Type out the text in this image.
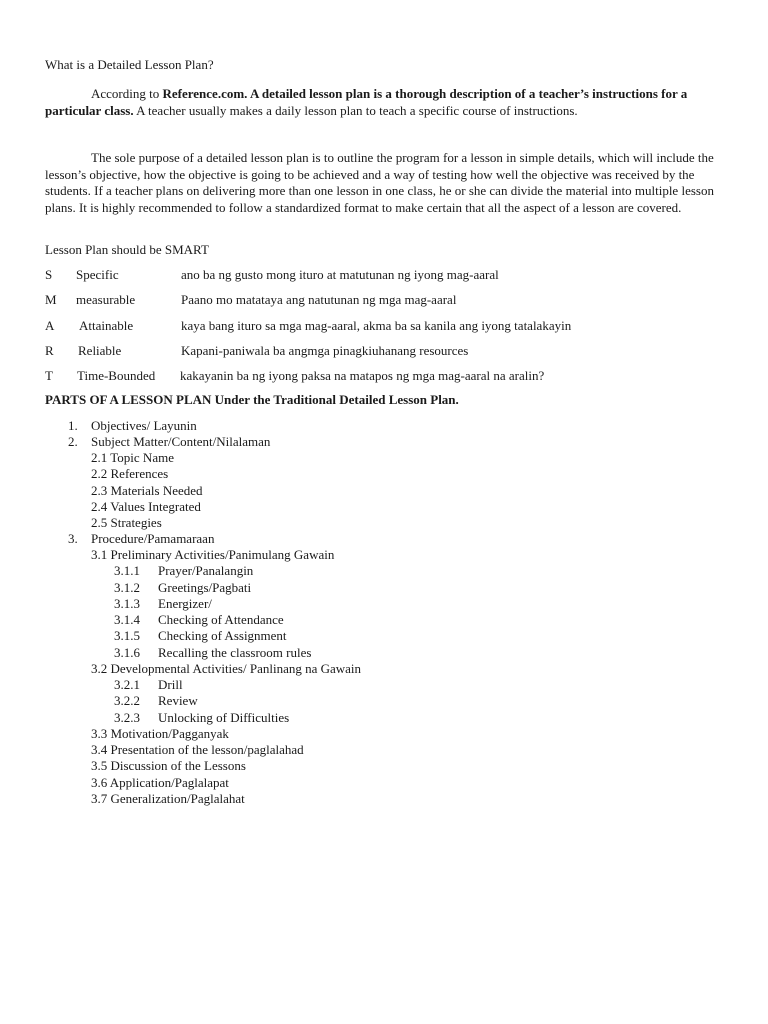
What is a Detailed Lesson Plan?
According to Reference.com. A detailed lesson plan is a thorough description of a teacher’s instructions for a particular class. A teacher usually makes a daily lesson plan to teach a specific course of instructions.
The sole purpose of a detailed lesson plan is to outline the program for a lesson in simple details, which will include the lesson’s objective, how the objective is going to be achieved and a way of testing how well the objective was received by the students. If a teacher plans on delivering more than one lesson in one class, he or she can divide the material into multiple lesson plans. It is highly recommended to follow a standardized format to make certain that all the aspect of a lesson are covered.
Lesson Plan should be SMART
S Specific	ano ba ng gusto mong ituro at matutunan ng iyong mag-aaral
M measurable	Paano mo matataya ang natutunan ng mga mag-aaral
A Attainable	kaya bang ituro sa mga mag-aaral, akma ba sa kanila ang iyong tatalakayin
R Reliable	Kapani-paniwala ba angmga pinagkiuhanang resources
T Time-Bounded kakayanin ba ng iyong paksa na matapos ng mga mag-aaral na aralin?
PARTS OF A LESSON PLAN Under the Traditional Detailed Lesson Plan.
1. Objectives/ Layunin
2. Subject Matter/Content/Nilalaman
2.1 Topic Name
2.2 References
2.3 Materials Needed
2.4 Values Integrated
2.5 Strategies
3. Procedure/Pamamaraan
3.1 Preliminary Activities/Panimulang Gawain
3.1.1 Prayer/Panalangin
3.1.2 Greetings/Pagbati
3.1.3 Energizer/
3.1.4 Checking of Attendance
3.1.5 Checking of Assignment
3.1.6 Recalling the classroom rules
3.2 Developmental Activities/ Panlinang na Gawain
3.2.1 Drill
3.2.2 Review
3.2.3 Unlocking of Difficulties
3.3 Motivation/Pagganyak
3.4 Presentation of the lesson/paglalahad
3.5 Discussion of the Lessons
3.6 Application/Paglalapat
3.7 Generalization/Paglalahat
